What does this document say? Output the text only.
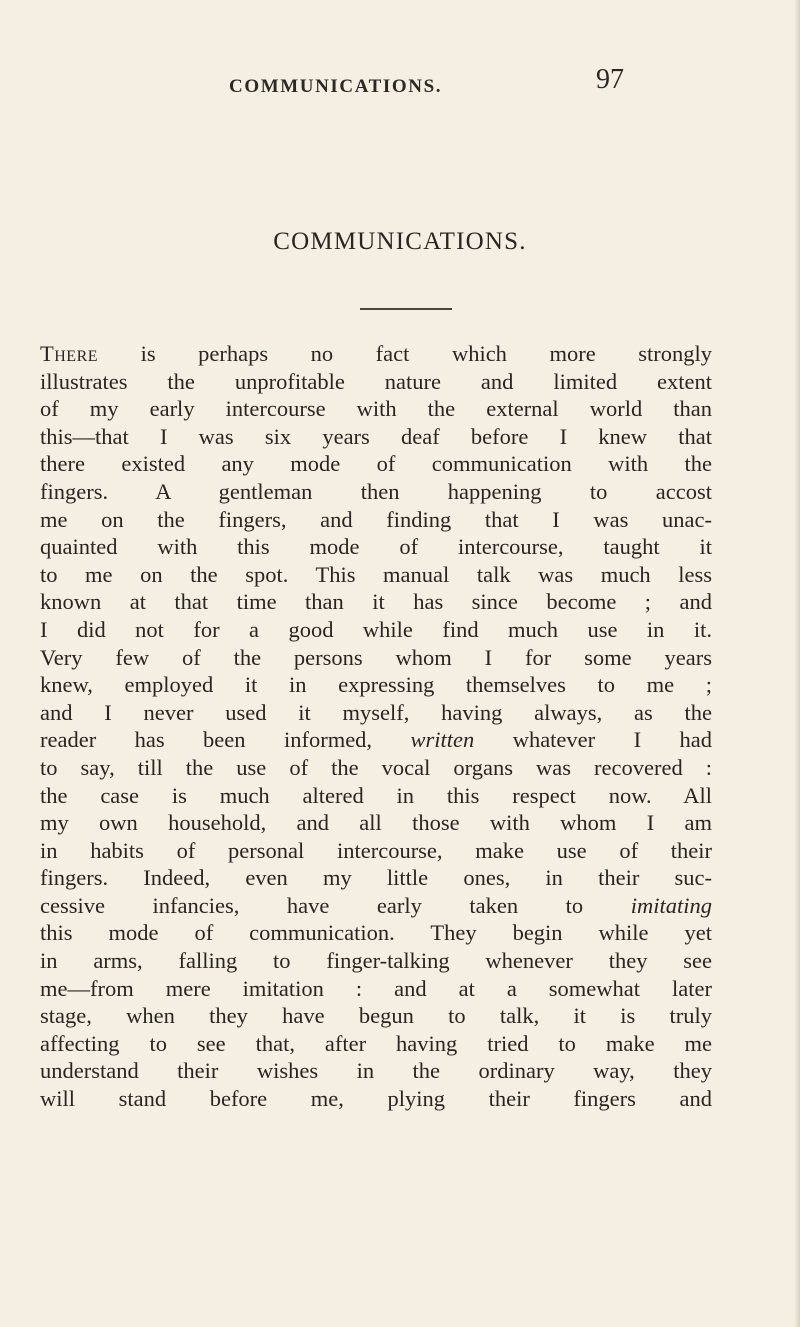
COMMUNICATIONS.	97
COMMUNICATIONS.
There is perhaps no fact which more strongly
illustrates the unprofitable nature and limited extent
of my early intercourse with the external world than
this—that I was six years deaf before I knew that
there existed any mode of communication with the
fingers. A gentleman then happening to accost
me on the fingers, and finding that I was unac-
quainted with this mode of intercourse, taught it
to me on the spot. This manual talk was much less
known at that time than it has since become ; and
I did not for a good while find much use in it.
Very few of the persons whom I for some years
knew, employed it in expressing themselves to me ;
and I never used it myself, having always, as the
reader has been informed, written whatever I had
to say, till the use of the vocal organs was recovered :
the case is much altered in this respect now. All
my own household, and all those with whom I am
in habits of personal intercourse, make use of their
fingers. Indeed, even my little ones, in their suc-
cessive infancies, have early taken to imitating
this mode of communication. They begin while yet
in arms, falling to finger-talking whenever they see
me—from mere imitation : and at a somewhat later
stage, when they have begun to talk, it is truly
affecting to see that, after having tried to make me
understand their wishes in the ordinary way, they
will stand before me, plying their fingers and
